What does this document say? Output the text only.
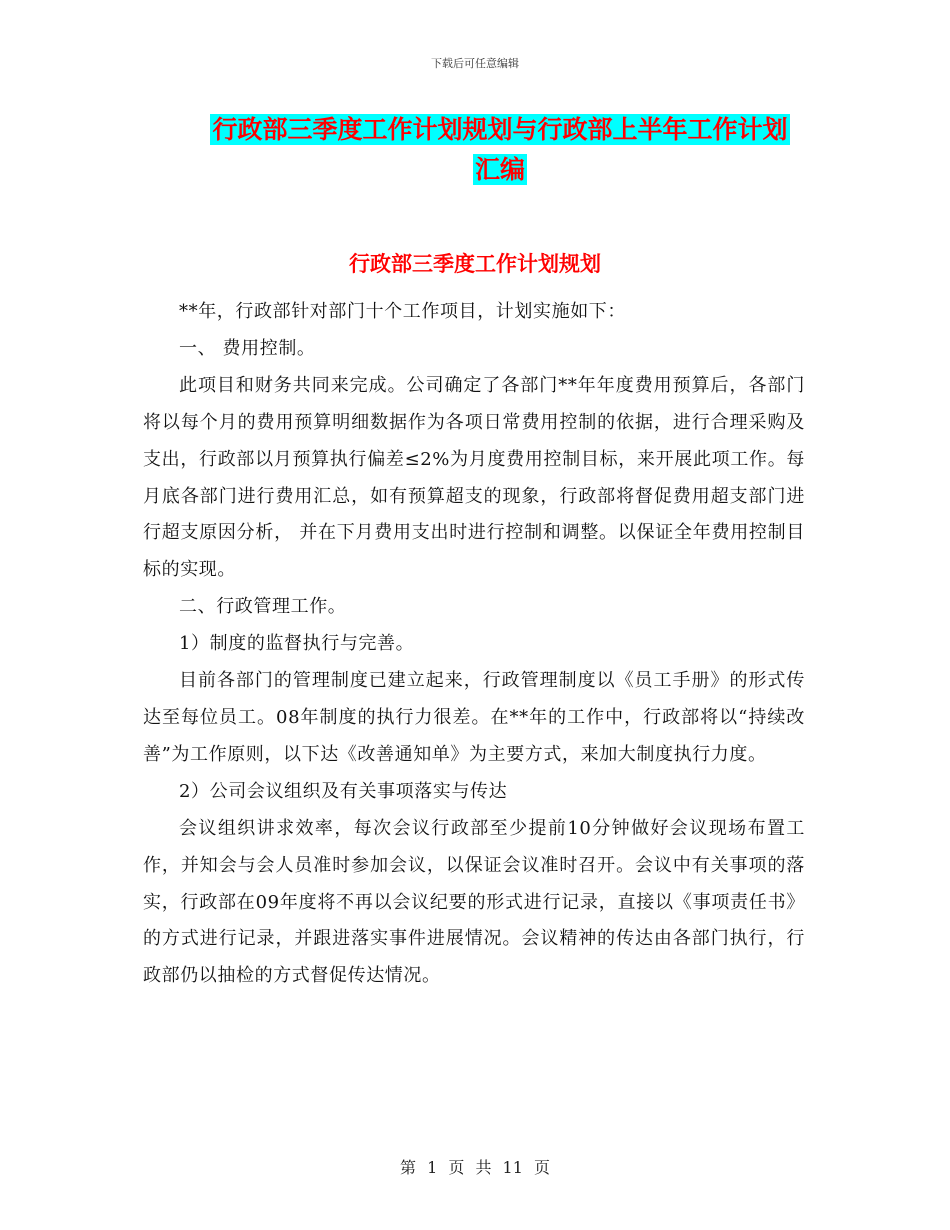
下载后可任意编辑
行政部三季度工作计划规划与行政部上半年工作计划
汇编
行政部三季度工作计划规划

**年，行政部针对部门十个工作项目，计划实施如下：

一、 费用控制。

此项目和财务共同来完成。公司确定了各部门**年年度费用预算后，各部门将以每个月的费用预算明细数据作为各项日常费用控制的依据，进行合理采购及支出，行政部以月预算执行偏差≤2%为月度费用控制目标，来开展此项工作。每月底各部门进行费用汇总，如有预算超支的现象，行政部将督促费用超支部门进行超支原因分析， 并在下月费用支出时进行控制和调整。以保证全年费用控制目标的实现。

二、行政管理工作。

1）制度的监督执行与完善。

目前各部门的管理制度已建立起来，行政管理制度以《员工手册》的形式传达至每位员工。08年制度的执行力很差。在**年的工作中，行政部将以“持续改善”为工作原则，以下达《改善通知单》为主要方式，来加大制度执行力度。

2）公司会议组织及有关事项落实与传达

会议组织讲求效率，每次会议行政部至少提前10分钟做好会议现场布置工作，并知会与会人员准时参加会议，以保证会议准时召开。会议中有关事项的落实，行政部在09年度将不再以会议纪要的形式进行记录，直接以《事项责任书》的方式进行记录，并跟进落实事件进展情况。会议精神的传达由各部门执行，行政部仍以抽检的方式督促传达情况。

第 1 页 共 11 页
